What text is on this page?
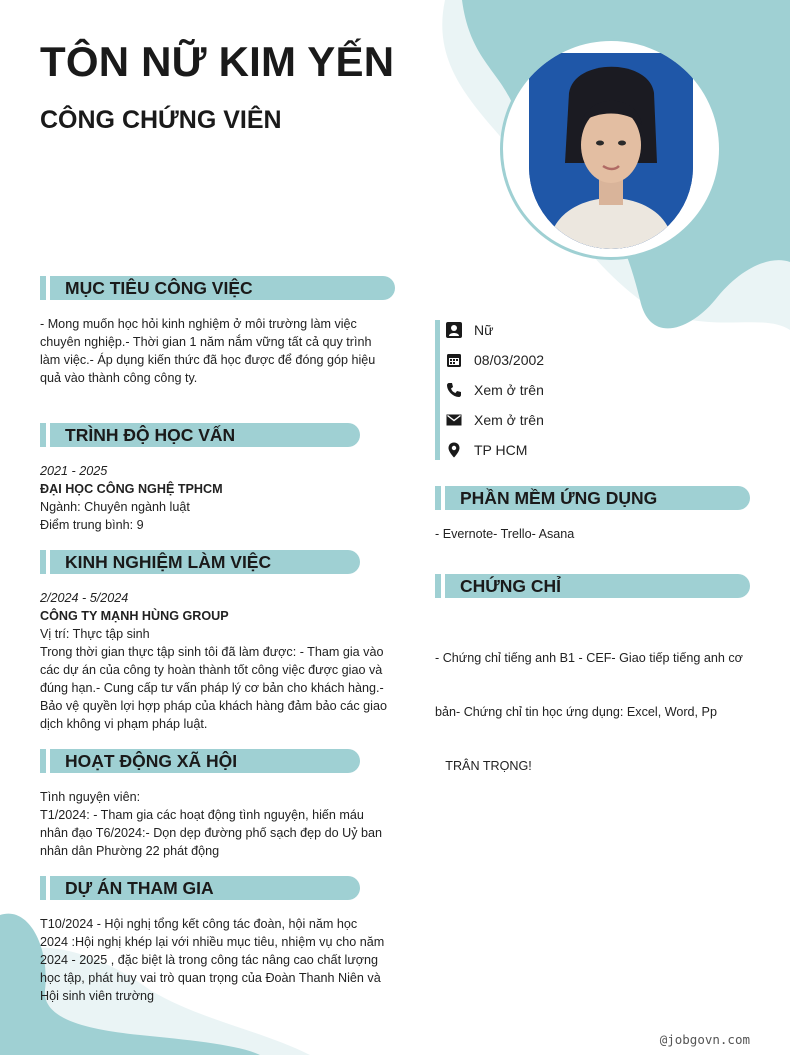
TÔN NỮ KIM YẾN
CÔNG CHỨNG VIÊN
MỤC TIÊU CÔNG VIỆC
- Mong muốn học hỏi kinh nghiệm ở môi trường làm việc
chuyên nghiệp.- Thời gian 1 năm nắm vững tất cả quy trình
làm việc.- Áp dụng kiến thức đã học được để đóng góp hiệu
quả vào thành công công ty.
TRÌNH ĐỘ HỌC VẤN
2021 - 2025
ĐẠI HỌC CÔNG NGHỆ TPHCM
Ngành: Chuyên ngành luật
Điểm trung bình: 9
KINH NGHIỆM LÀM VIỆC
2/2024 - 5/2024
CÔNG TY MẠNH HÙNG GROUP
Vị trí: Thực tập sinh
Trong thời gian thực tập sinh tôi đã làm được: - Tham gia vào
các dự án của công ty hoàn thành tốt công việc được giao và
đúng hạn.- Cung cấp tư vấn pháp lý cơ bản cho khách hàng.-
Bảo vệ quyền lợi hợp pháp của khách hàng đảm bảo các giao
dịch không vi phạm pháp luật.
HOẠT ĐỘNG XÃ HỘI
Tình nguyện viên:
T1/2024: - Tham gia các hoạt động tình nguyện, hiến máu
nhân đạo T6/2024:- Dọn dẹp đường phố sạch đẹp do Uỷ ban
nhân dân Phường 22 phát động
DỰ ÁN THAM GIA
T10/2024 - Hội nghị tổng kết công tác đoàn, hội năm học
2024 :Hội nghị khép lại với nhiều mục tiêu, nhiệm vụ cho năm
2024 - 2025 , đặc biệt là trong công tác nâng cao chất lượng
học tập, phát huy vai trò quan trọng của Đoàn Thanh Niên và
Hội sinh viên trường
Nữ
08/03/2002
Xem ở trên
Xem ở trên
TP HCM
PHẦN MỀM ỨNG DỤNG
- Evernote- Trello- Asana
CHỨNG CHỈ

- Chứng chỉ tiếng anh B1 - CEF- Giao tiếp tiếng anh cơ

bản- Chứng chỉ tin học ứng dụng: Excel, Word, Pp

TRÂN TRỌNG!

@jobgovn.com
